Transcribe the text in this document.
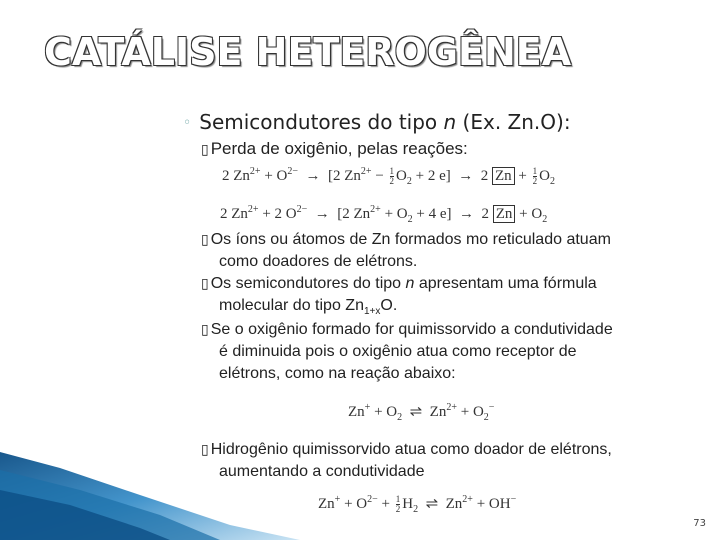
CATÁLISE HETEROGÊNEA
◦ Semicondutores do tipo n (Ex. Zn.O):
▯ Perda de oxigênio, pelas reações:
2 $Zn^{2+} + O^{2-} \to [2$ $Zn^{2+} - \frac{1}{2} O_2 + 2$ e]  →  2 $Zn + \frac{1}{2} O_2$
2 $Zn^{2+} + 2$ $O^{2-} \to [2$ $Zn^{2+} + O_2 + 4$ e]  →  2 $Zn + O_2$
▯ Os íons ou átomos de Zn formados mo reticulado atuam
como doadores de elétrons.
▯ Os semicondutores do tipo n apresentam uma fórmula
molecular do tipo $Zn_{1+x}O$.
▯ Se o oxigênio formado for quimissorvido a condutividade
é diminuida pois o oxigênio atua como receptor de
elétrons, como na reação abaixo:
$Zn^+ + O_2$  ⇌  $Zn^{2+} + O_2^-$
▯ Hidrogênio quimissorvido atua como doador de elétrons,
aumentando a condutividade
$Zn^+ + O^{2-} + \frac{1}{2} H_2$  ⇌  $Zn^{2+} + OH^-$
73
